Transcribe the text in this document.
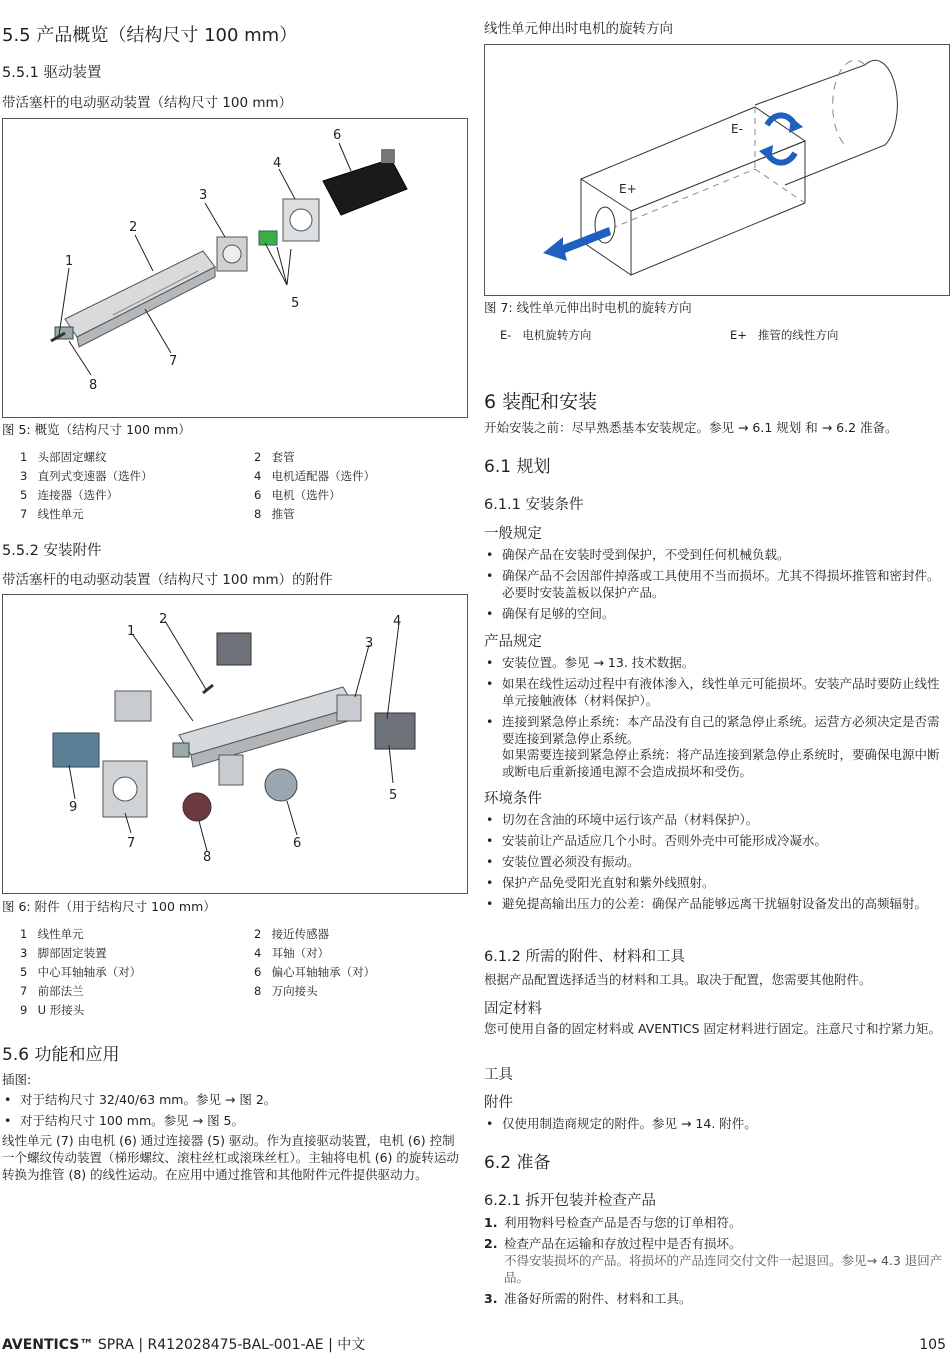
5.5 产品概览（结构尺寸 100 mm）
5.5.1 驱动装置
带活塞杆的电动驱动装置（结构尺寸 100 mm）
1
2
3
4
5
6
7
8
图 5: 概览（结构尺寸 100 mm）
1 头部固定螺纹	2 套管
3 直列式变速器（选件）	4 电机适配器（选件）
5 连接器（选件）	6 电机（选件）
7 线性单元	8 推管
5.5.2 安装附件
带活塞杆的电动驱动装置（结构尺寸 100 mm）的附件
1
2
3
4
5
6
7
8
9
图 6: 附件（用于结构尺寸 100 mm）
1 线性单元	2 接近传感器
3 脚部固定装置	4 耳轴（对）
5 中心耳轴轴承（对）	6 偏心耳轴轴承（对）
7 前部法兰	8 万向接头
9 U 形接头
5.6 功能和应用
插图:
• 对于结构尺寸 32/40/63 mm。参见 → 图 2。
• 对于结构尺寸 100 mm。参见 → 图 5。
线性单元 (7) 由电机 (6) 通过连接器 (5) 驱动。作为直接驱动装置，电机 (6) 控制一个螺纹传动装置（梯形螺纹、滚柱丝杠或滚珠丝杠）。主轴将电机 (6) 的旋转运动转换为推管 (8) 的线性运动。在应用中通过推管和其他附件元件提供驱动力。
线性单元伸出时电机的旋转方向
E-
E+
图 7: 线性单元伸出时电机的旋转方向
E- 电机旋转方向	E+ 推管的线性方向
6 装配和安装
开始安装之前：尽早熟悉基本安装规定。参见 → 6.1 规划 和 → 6.2 准备。
6.1 规划
6.1.1 安装条件
一般规定
• 确保产品在安装时受到保护，不受到任何机械负载。
• 确保产品不会因部件掉落或工具使用不当而损坏。尤其不得损坏推管和密封件。必要时安装盖板以保护产品。
• 确保有足够的空间。
产品规定
• 安装位置。参见 → 13. 技术数据。
• 如果在线性运动过程中有液体渗入，线性单元可能损坏。安装产品时要防止线性单元接触液体（材料保护）。
• 连接到紧急停止系统：本产品没有自己的紧急停止系统。运营方必须决定是否需要连接到紧急停止系统。
如果需要连接到紧急停止系统：将产品连接到紧急停止系统时，要确保电源中断或断电后重新接通电源不会造成损坏和受伤。
环境条件
• 切勿在含油的环境中运行该产品（材料保护）。
• 安装前让产品适应几个小时。否则外壳中可能形成冷凝水。
• 安装位置必须没有振动。
• 保护产品免受阳光直射和紫外线照射。
• 避免提高输出压力的公差：确保产品能够远离干扰辐射设备发出的高频辐射。
6.1.2 所需的附件、材料和工具
根据产品配置选择适当的材料和工具。取决于配置，您需要其他附件。
固定材料
您可使用自备的固定材料或 AVENTICS 固定材料进行固定。注意尺寸和拧紧力矩。
工具
附件
• 仅使用制造商规定的附件。参见 → 14. 附件。
6.2 准备
6.2.1 拆开包装并检查产品
1. 利用物料号检查产品是否与您的订单相符。
2. 检查产品在运输和存放过程中是否有损坏。
不得安装损坏的产品。将损坏的产品连同交付文件一起退回。参见→ 4.3 退回产品。
3. 准备好所需的附件、材料和工具。
AVENTICS™ SPRA | R412028475-BAL-001-AE | 中文	105
